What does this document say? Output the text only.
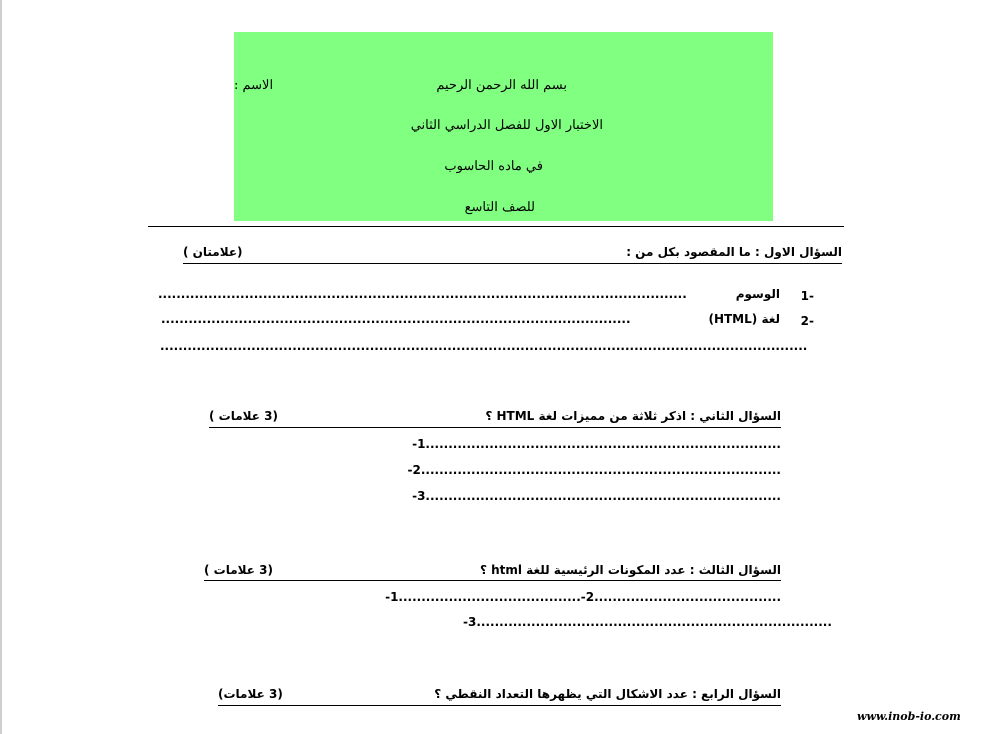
بسم الله الرحمن الرحيم
الاسم :
الاختبار الاول للفصل الدراسي الثاني
في ماده الحاسوب
للصف التاسع
السؤال الاول : ما المقصود بكل من :
(علامتان )
-1
الوسوم
....................................................................................................................
-2
لغة (HTML)
.......................................................................................................
..............................................................................................................................................
السؤال الثاني : اذكر ثلاثة من مميزات لغة HTML ؟
(3 علامات )
-1..............................................................................
-2...............................................................................
-3..............................................................................
السؤال الثالث : عدد المكونات الرئيسية للغة html ؟
(3 علامات )
-1........................................-2.........................................
-3..............................................................................
السؤال الرابع : عدد الاشكال التي يظهرها التعداد النقطي ؟
(3 علامات)
www.inob-io.com
